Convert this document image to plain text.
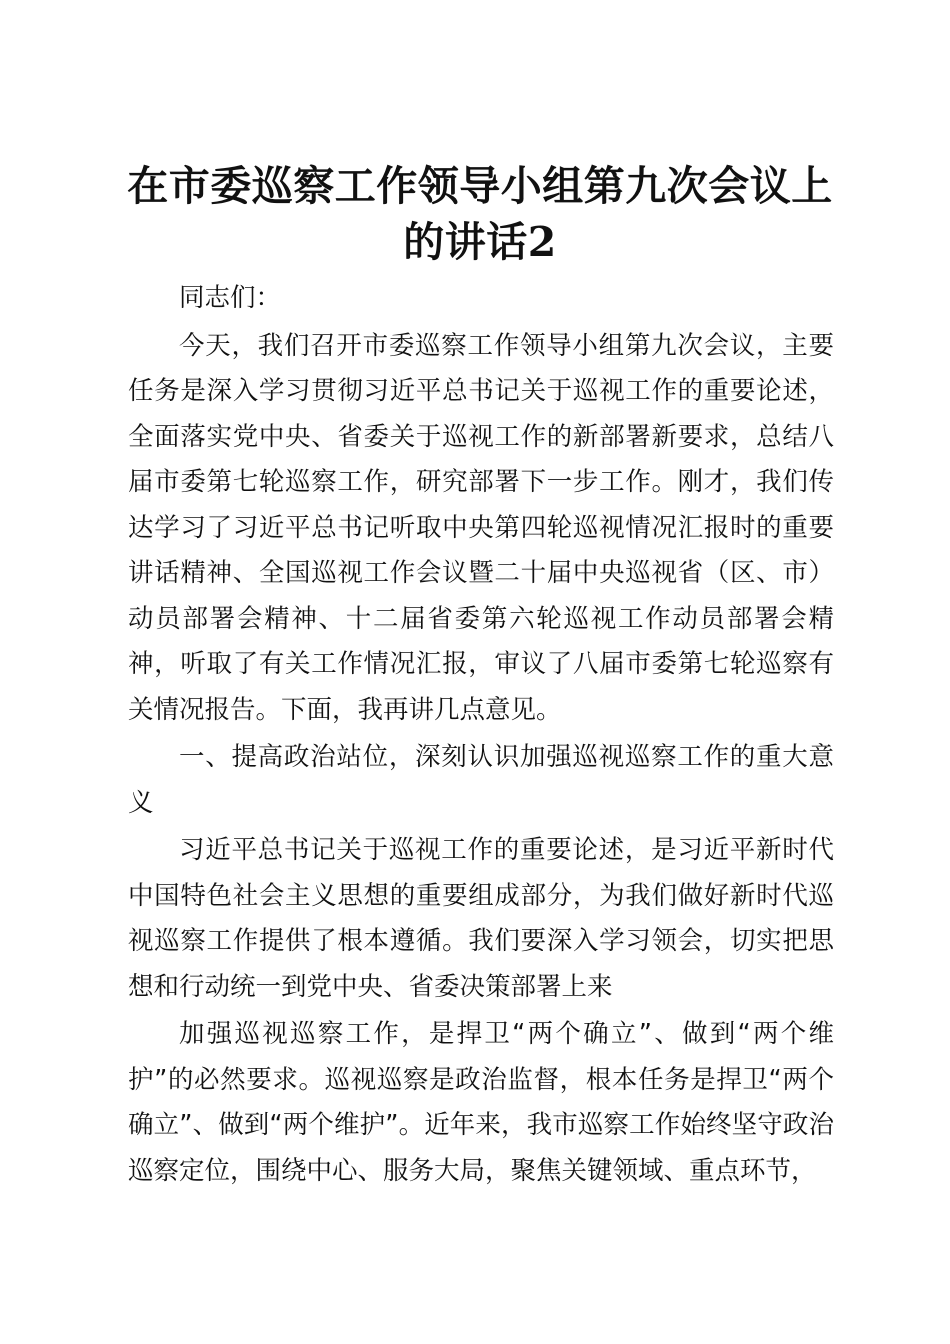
在市委巡察工作领导小组第九次会议上的讲话2

同志们：

今天，我们召开市委巡察工作领导小组第九次会议，主要任务是深入学习贯彻习近平总书记关于巡视工作的重要论述，全面落实党中央、省委关于巡视工作的新部署新要求，总结八届市委第七轮巡察工作，研究部署下一步工作。刚才，我们传达学习了习近平总书记听取中央第四轮巡视情况汇报时的重要讲话精神、全国巡视工作会议暨二十届中央巡视省（区、市）动员部署会精神、十二届省委第六轮巡视工作动员部署会精神，听取了有关工作情况汇报，审议了八届市委第七轮巡察有关情况报告。下面，我再讲几点意见。

一、提高政治站位，深刻认识加强巡视巡察工作的重大意义

习近平总书记关于巡视工作的重要论述，是习近平新时代中国特色社会主义思想的重要组成部分，为我们做好新时代巡视巡察工作提供了根本遵循。我们要深入学习领会，切实把思想和行动统一到党中央、省委决策部署上来

加强巡视巡察工作，是捍卫“两个确立”、做到“两个维护”的必然要求。巡视巡察是政治监督，根本任务是捍卫“两个确立”、做到“两个维护”。近年来，我市巡察工作始终坚守政治巡察定位，围绕中心、服务大局，聚焦关键领域、重点环节，
